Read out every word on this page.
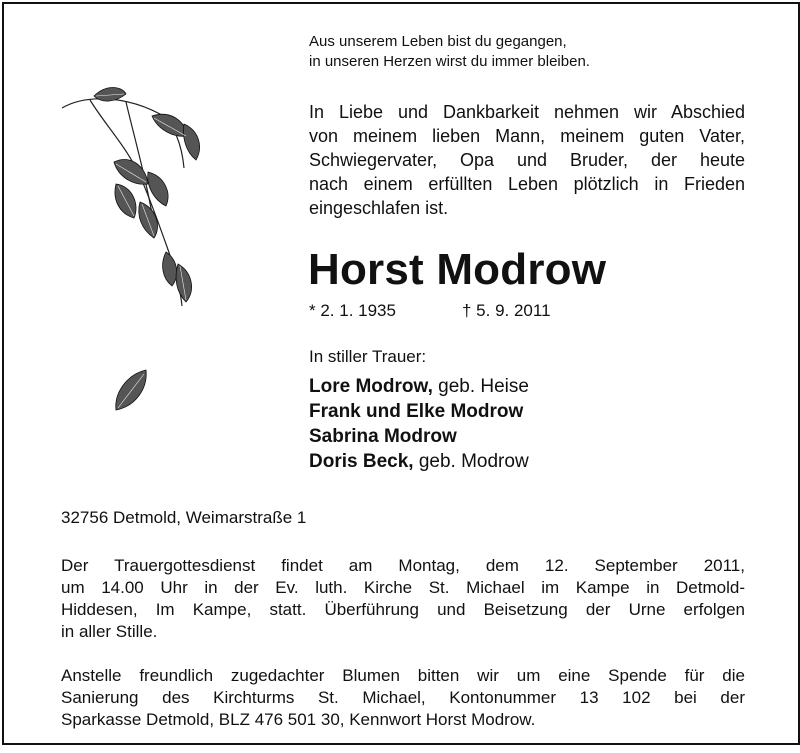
Aus unserem Leben bist du gegangen,
in unseren Herzen wirst du immer bleiben.
In Liebe und Dankbarkeit nehmen wir Abschied
von meinem lieben Mann, meinem guten Vater,
Schwiegervater, Opa und Bruder, der heute
nach einem erfüllten Leben plötzlich in Frieden
eingeschlafen ist.
Horst Modrow
* 2. 1. 1935	† 5. 9. 2011
In stiller Trauer:
Lore Modrow, geb. Heise
Frank und Elke Modrow
Sabrina Modrow
Doris Beck, geb. Modrow
32756 Detmold, Weimarstraße 1
Der Trauergottesdienst findet am Montag, dem 12. September 2011,
um 14.00 Uhr in der Ev. luth. Kirche St. Michael im Kampe in Detmold-
Hiddesen, Im Kampe, statt. Überführung und Beisetzung der Urne erfolgen
in aller Stille.
Anstelle freundlich zugedachter Blumen bitten wir um eine Spende für die
Sanierung des Kirchturms St. Michael, Kontonummer 13 102 bei der
Sparkasse Detmold, BLZ 476 501 30, Kennwort Horst Modrow.
